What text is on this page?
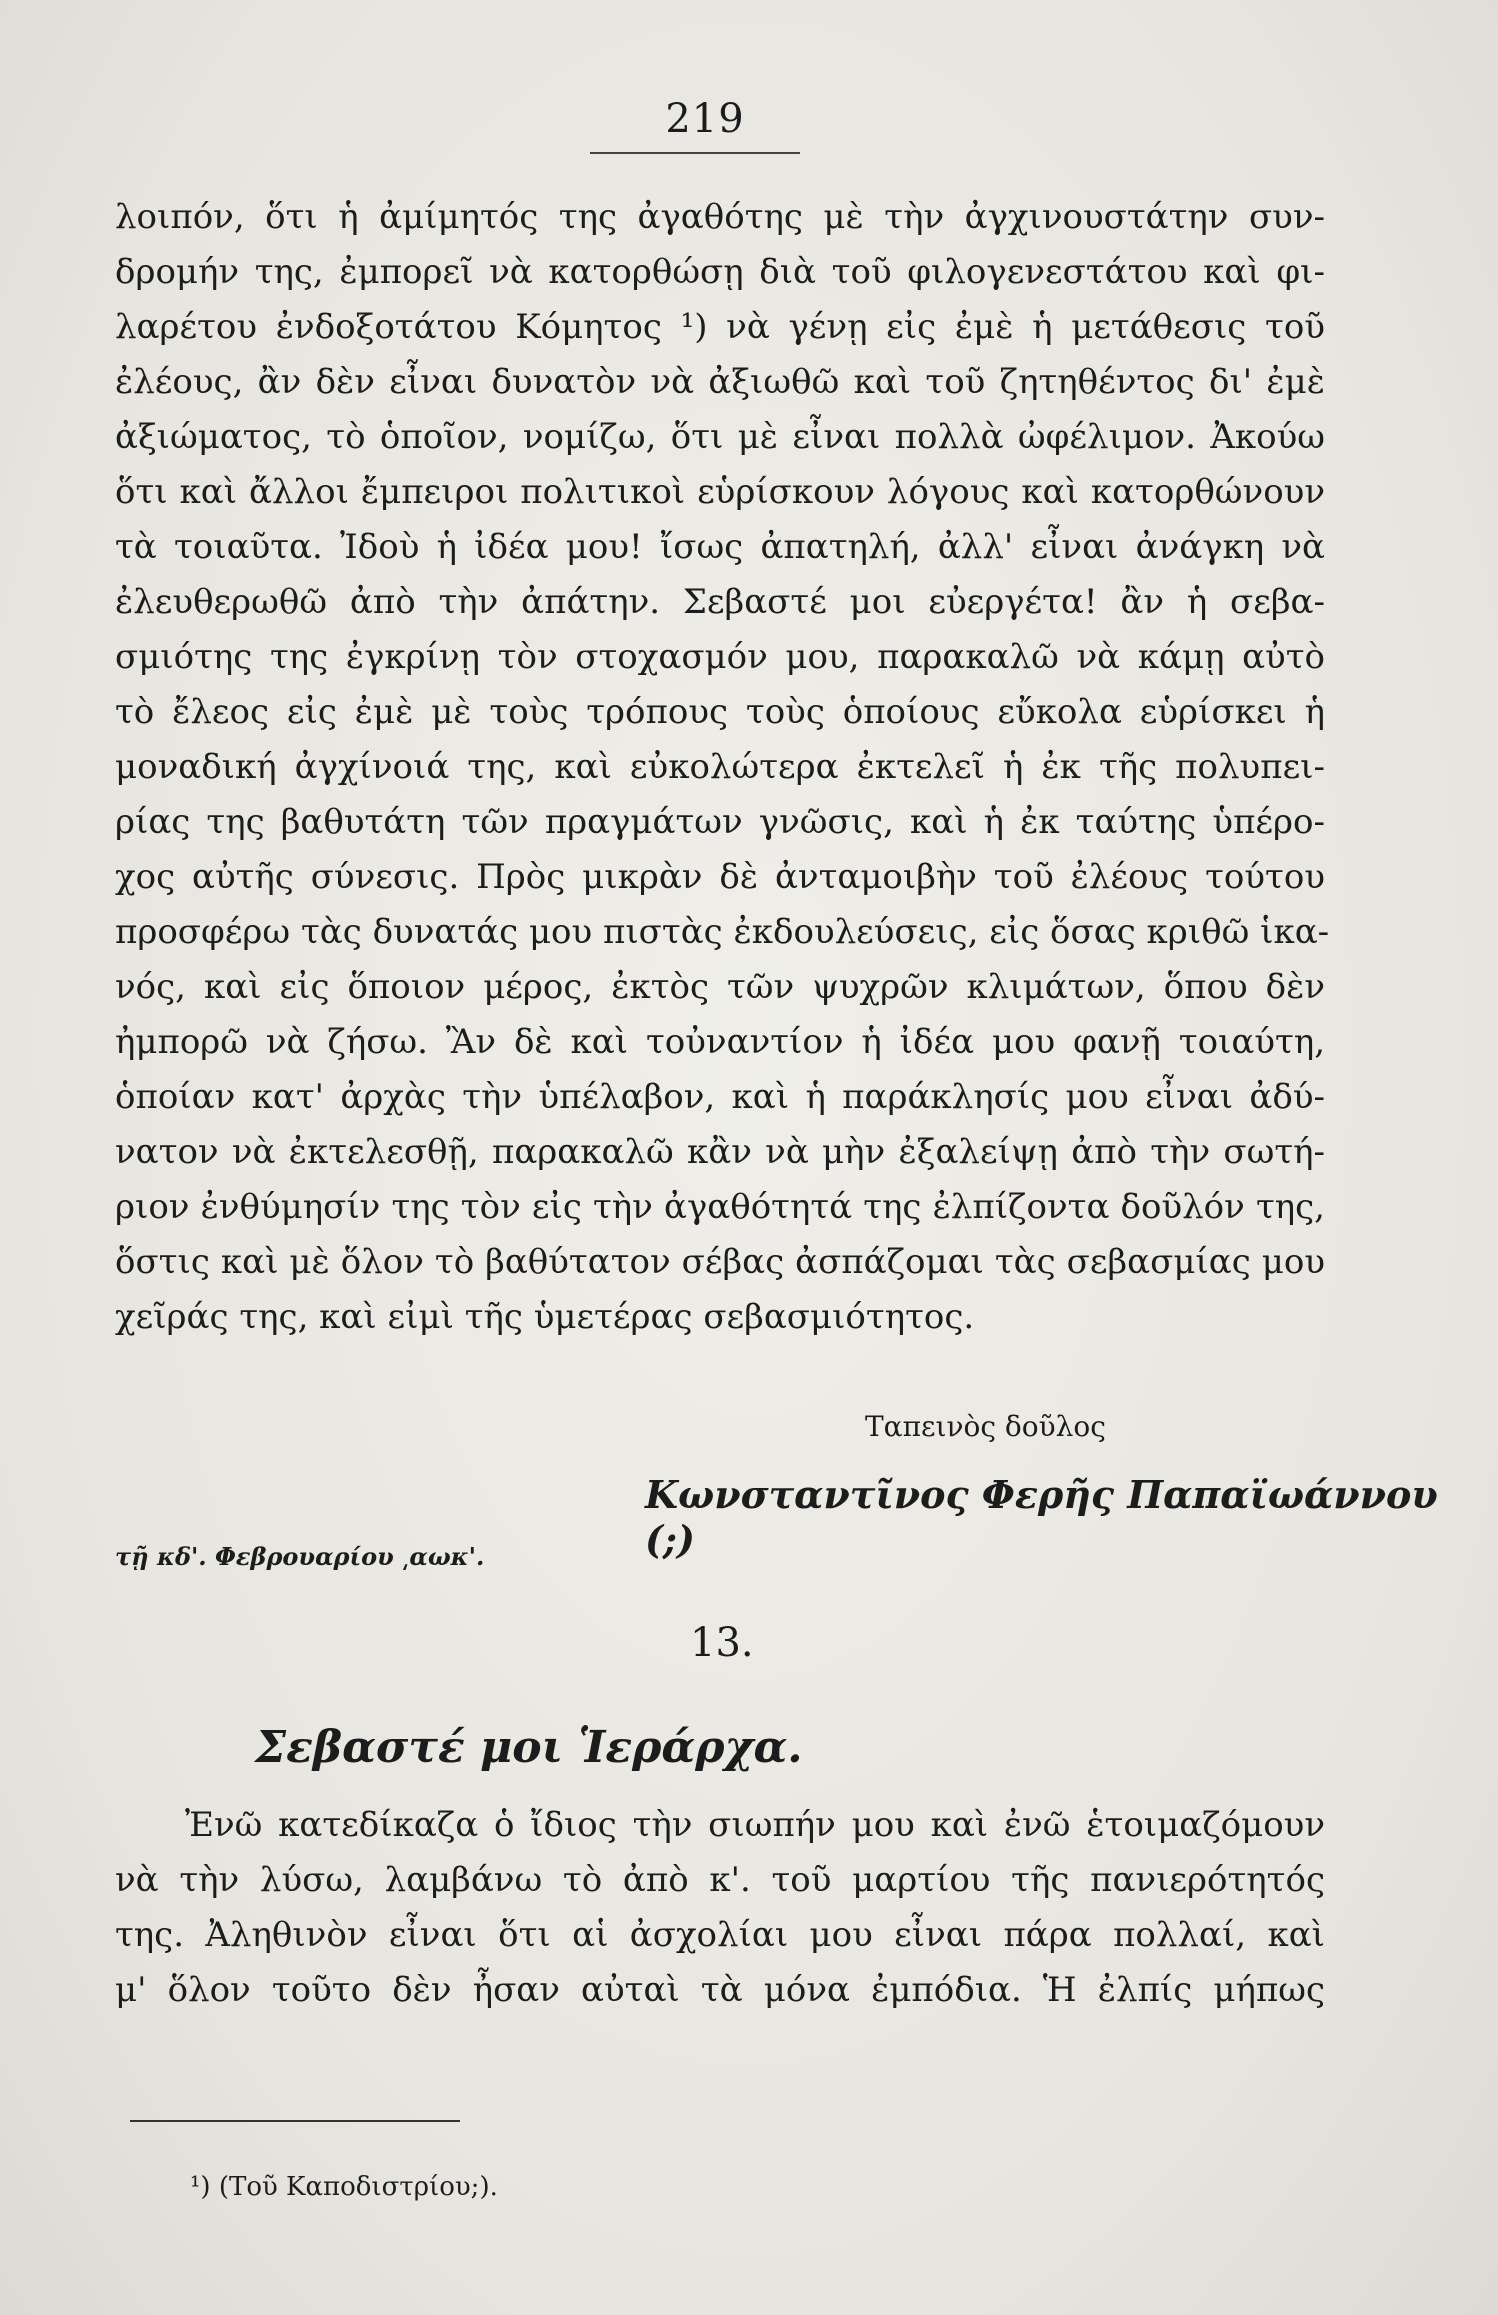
219
λοιπόν, ὅτι ἡ ἀμίμητός της ἀγαθότης μὲ τὴν ἀγχινουστάτην συν-
δρομήν της, ἐμπορεῖ νὰ κατορθώσῃ διὰ τοῦ φιλογενεστάτου καὶ φι-
λαρέτου ἐνδοξοτάτου Κόμητος ¹) νὰ γένῃ εἰς ἐμὲ ἡ μετάθεσις τοῦ
ἐλέους, ἂν δὲν εἶναι δυνατὸν νὰ ἀξιωθῶ καὶ τοῦ ζητηθέντος δι' ἐμὲ
ἀξιώματος, τὸ ὁποῖον, νομίζω, ὅτι μὲ εἶναι πολλὰ ὠφέλιμον. Ἀκούω
ὅτι καὶ ἄλλοι ἔμπειροι πολιτικοὶ εὑρίσκουν λόγους καὶ κατορθώνουν
τὰ τοιαῦτα. Ἰδοὺ ἡ ἰδέα μου! ἴσως ἀπατηλή, ἀλλ' εἶναι ἀνάγκη νὰ
ἐλευθερωθῶ ἀπὸ τὴν ἀπάτην. Σεβαστέ μοι εὐεργέτα! ἂν ἡ σεβα-
σμιότης της ἐγκρίνῃ τὸν στοχασμόν μου, παρακαλῶ νὰ κάμῃ αὐτὸ
τὸ ἔλεος εἰς ἐμὲ μὲ τοὺς τρόπους τοὺς ὁποίους εὔκολα εὑρίσκει ἡ
μοναδική ἀγχίνοιά της, καὶ εὐκολώτερα ἐκτελεῖ ἡ ἐκ τῆς πολυπει-
ρίας της βαθυτάτη τῶν πραγμάτων γνῶσις, καὶ ἡ ἐκ ταύτης ὑπέρο-
χος αὐτῆς σύνεσις. Πρὸς μικρὰν δὲ ἀνταμοιβὴν τοῦ ἐλέους τούτου
προσφέρω τὰς δυνατάς μου πιστὰς ἐκδουλεύσεις, εἰς ὅσας κριθῶ ἱκα-
νός, καὶ εἰς ὅποιον μέρος, ἐκτὸς τῶν ψυχρῶν κλιμάτων, ὅπου δὲν
ἠμπορῶ νὰ ζήσω. Ἂν δὲ καὶ τοὐναντίον ἡ ἰδέα μου φανῇ τοιαύτη,
ὁποίαν κατ' ἀρχὰς τὴν ὑπέλαβον, καὶ ἡ παράκλησίς μου εἶναι ἀδύ-
νατον νὰ ἐκτελεσθῇ, παρακαλῶ κἂν νὰ μὴν ἐξαλείψῃ ἀπὸ τὴν σωτή-
ριον ἐνθύμησίν της τὸν εἰς τὴν ἀγαθότητά της ἐλπίζοντα δοῦλόν της,
ὅστις καὶ μὲ ὅλον τὸ βαθύτατον σέβας ἀσπάζομαι τὰς σεβασμίας μου
χεῖράς της, καὶ εἰμὶ τῆς ὑμετέρας σεβασμιότητος.
Ταπεινὸς δοῦλος
Κωνσταντῖνος Φερῆς Παπαϊωάννου (;)
τῇ κδ'. Φεβρουαρίου ͵αωκ'.
13.
Σεβαστέ μοι Ἱεράρχα.
Ἐνῶ κατεδίκαζα ὁ ἴδιος τὴν σιωπήν μου καὶ ἐνῶ ἑτοιμαζόμουν
νὰ τὴν λύσω, λαμβάνω τὸ ἀπὸ κ'. τοῦ μαρτίου τῆς πανιερότητός
της. Ἀληθινὸν εἶναι ὅτι αἱ ἀσχολίαι μου εἶναι πάρα πολλαί, καὶ
μ' ὅλον τοῦτο δὲν ἦσαν αὐταὶ τὰ μόνα ἐμπόδια. Ἡ ἐλπίς μήπως
¹) (Τοῦ Καποδιστρίου;).
